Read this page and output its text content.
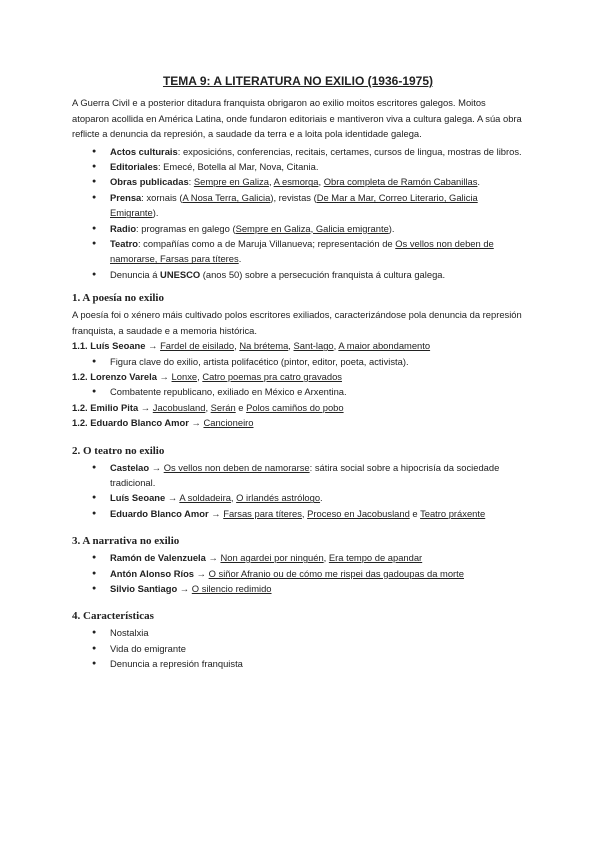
TEMA 9: A LITERATURA NO EXILIO (1936-1975)
A Guerra Civil e a posterior ditadura franquista obrigaron ao exilio moitos escritores galegos. Moitos atoparon acollida en América Latina, onde fundaron editoriais e mantiveron viva a cultura galega. A súa obra reflicte a denuncia da represión, a saudade da terra e a loita pola identidade galega.
● Actos culturais: exposicións, conferencias, recitais, certames, cursos de lingua, mostras de libros.
● Editoriales: Emecé, Botella al Mar, Nova, Citania.
● Obras publicadas: Sempre en Galiza, A esmorga, Obra completa de Ramón Cabanillas.
● Prensa: xornais (A Nosa Terra, Galicia), revistas (De Mar a Mar, Correo Literario, Galicia Emigrante).
● Radio: programas en galego (Sempre en Galiza, Galicia emigrante).
● Teatro: compañías como a de Maruja Villanueva; representación de Os vellos non deben de namorarse, Farsas para títeres.
● Denuncia á UNESCO (anos 50) sobre a persecución franquista á cultura galega.
1. A poesía no exilio
A poesía foi o xénero máis cultivado polos escritores exiliados, caracterizándose pola denuncia da represión franquista, a saudade e a memoria histórica.
1.1. Luís Seoane → Fardel de eisilado, Na brétema, Sant-lago, A maior abondamento
● Figura clave do exilio, artista polifacético (pintor, editor, poeta, activista).
1.2. Lorenzo Varela → Lonxe, Catro poemas pra catro gravados
● Combatente republicano, exiliado en México e Arxentina.
1.2. Emilio Pita → Jacobusland, Serán e Polos camiños do pobo
1.2. Eduardo Blanco Amor → Cancioneiro
2. O teatro no exilio
● Castelao → Os vellos non deben de namorarse: sátira social sobre a hipocrisía da sociedade tradicional.
● Luís Seoane → A soldadeira, O irlandés astrólogo.
● Eduardo Blanco Amor → Farsas para títeres, Proceso en Jacobusland e Teatro práxente
3. A narrativa no exilio
● Ramón de Valenzuela → Non agardei por ninguén, Era tempo de apandar
● Antón Alonso Ríos → O siñor Afranio ou de cómo me rispei das gadoupas da morte
● Silvio Santiago → O silencio redimido
4. Características
● Nostalxia
● Vida do emigrante
● Denuncia a represión franquista
